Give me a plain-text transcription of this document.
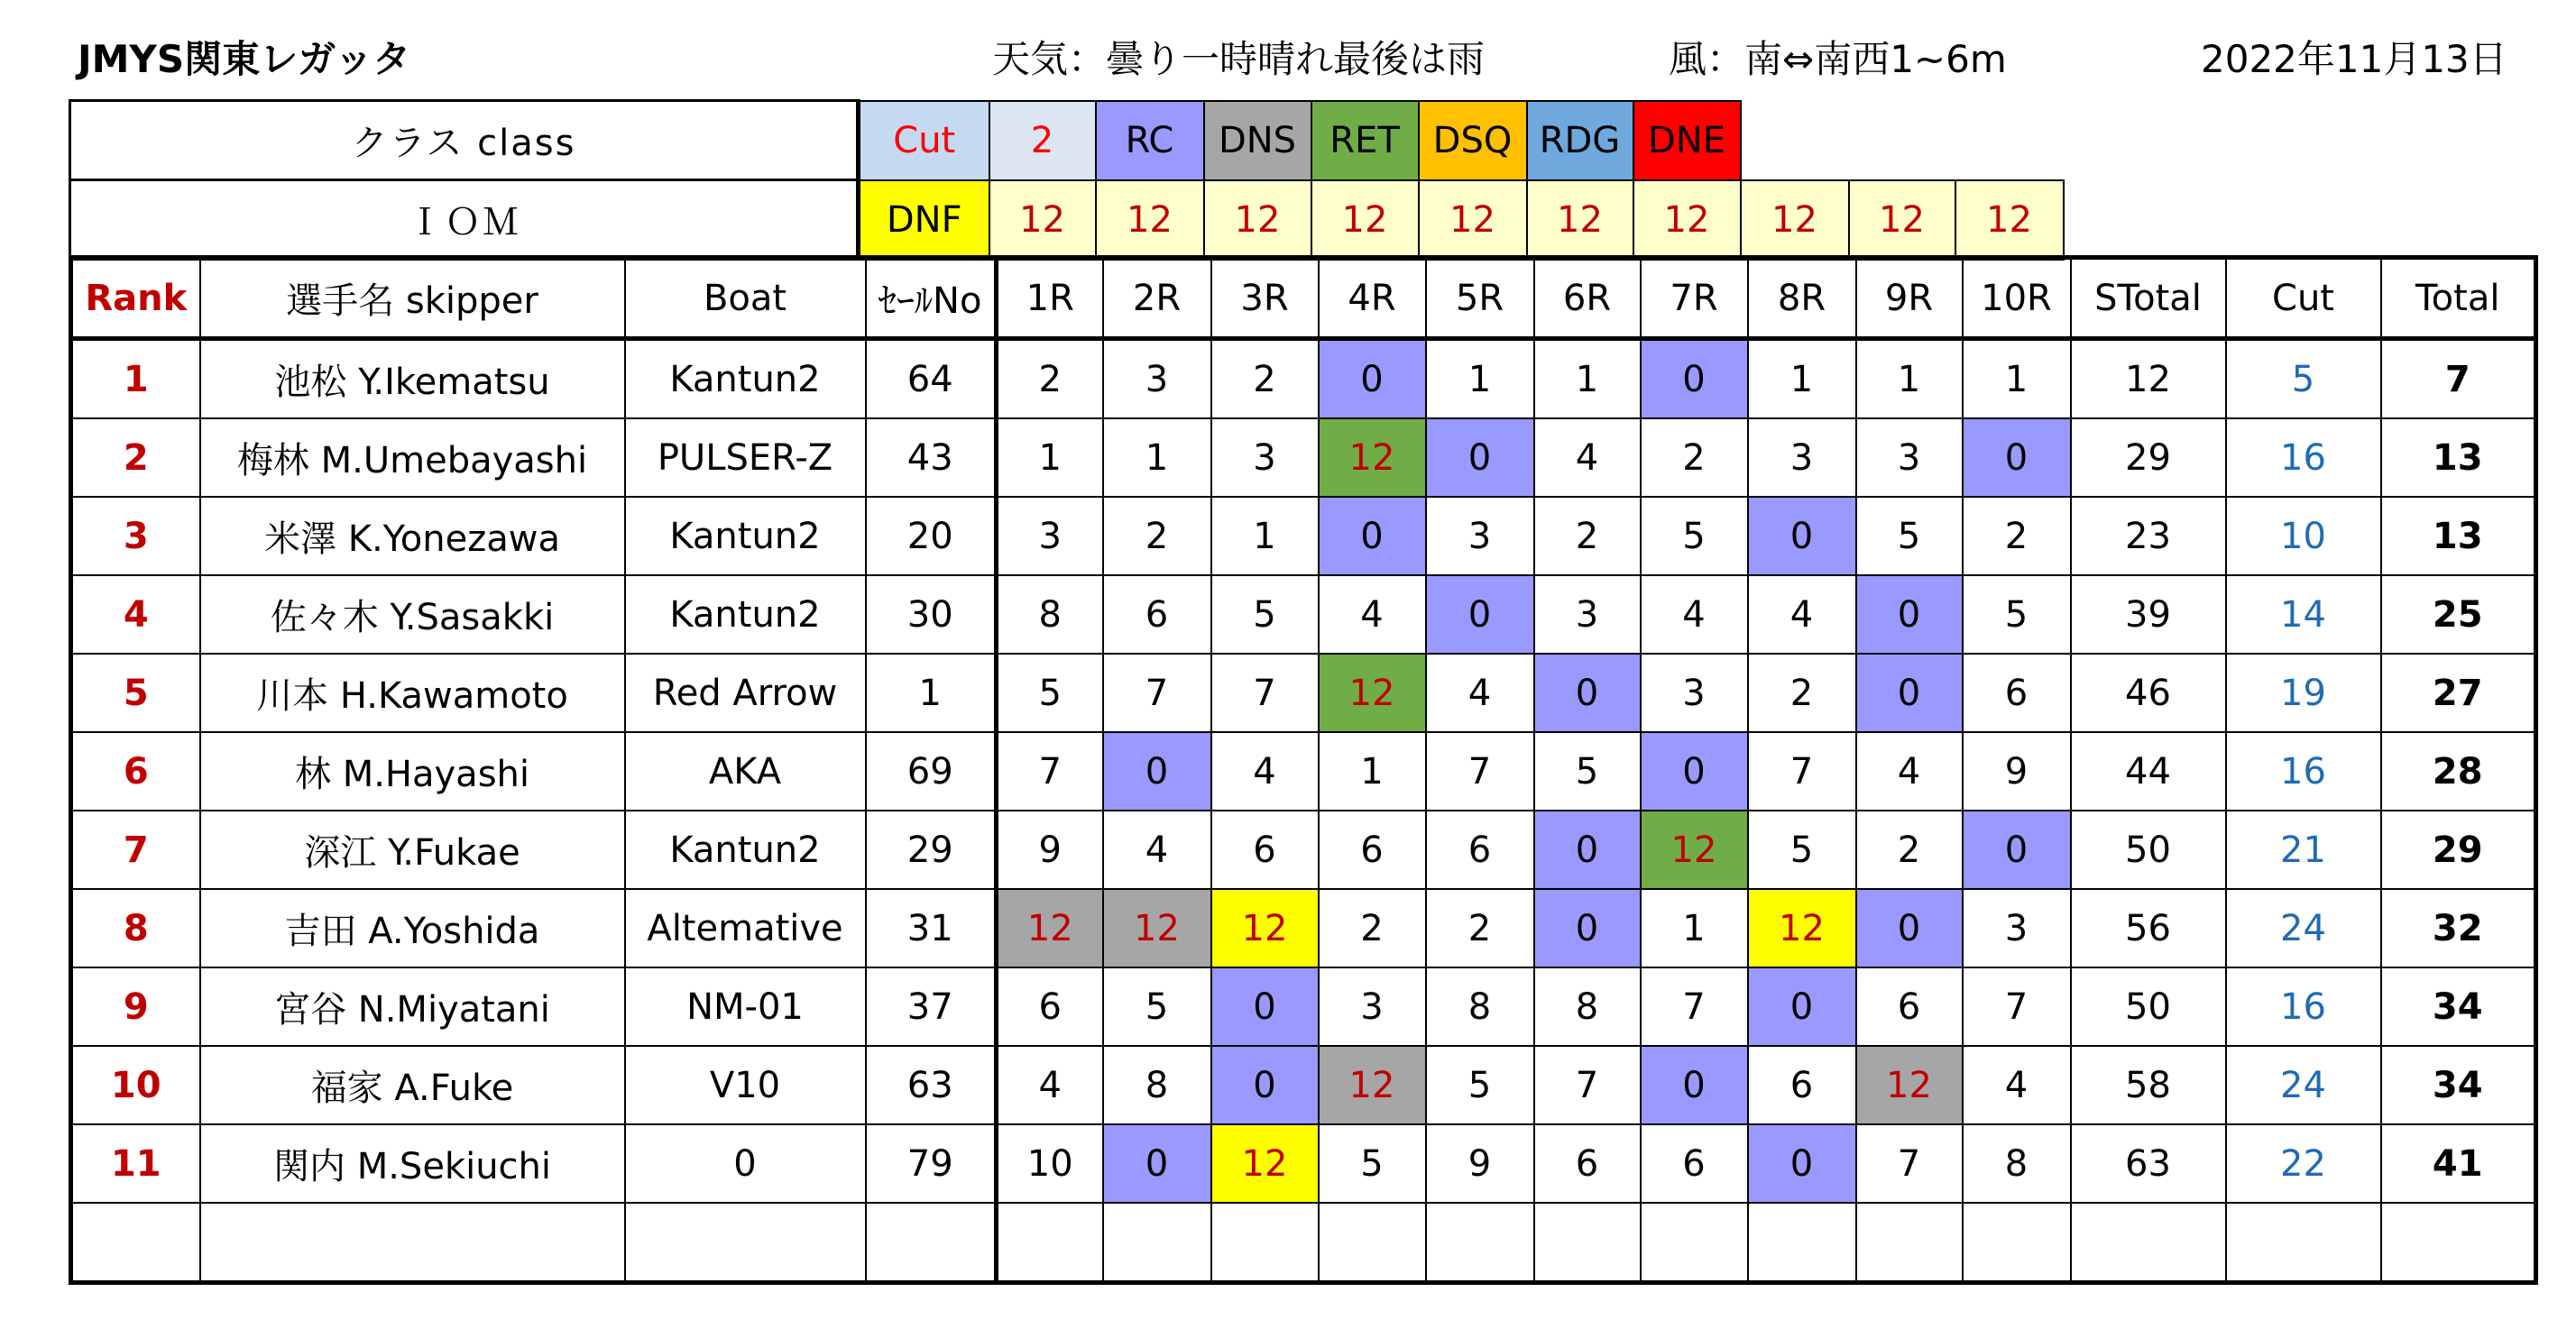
JMYS関東レガッタ	天気：曇り一時晴れ最後は雨	風：南⇔南西1~6m	2022年11月13日
クラス class	Cut	2	RC	DNS	RET	DSQ	RDG	DNE			
ＩＯＭ	DNF	12	12	12	12	12	12	12	12	12	12
Rank	選手名 skipper	Boat	ｾｰﾙNo	1R	2R	3R	4R	5R	6R	7R	8R	9R	10R	STotal	Cut	Total
1	池松 Y.Ikematsu	Kantun2	64	2	3	2	0	1	1	0	1	1	1	12	5	7
2	梅林 M.Umebayashi	PULSER-Z	43	1	1	3	12	0	4	2	3	3	0	29	16	13
3	米澤 K.Yonezawa	Kantun2	20	3	2	1	0	3	2	5	0	5	2	23	10	13
4	佐々木 Y.Sasakki	Kantun2	30	8	6	5	4	0	3	4	4	0	5	39	14	25
5	川本 H.Kawamoto	Red Arrow	1	5	7	7	12	4	0	3	2	0	6	46	19	27
6	林 M.Hayashi	AKA	69	7	0	4	1	7	5	0	7	4	9	44	16	28
7	深江 Y.Fukae	Kantun2	29	9	4	6	6	6	0	12	5	2	0	50	21	29
8	吉田 A.Yoshida	Altemative	31	12	12	12	2	2	0	1	12	0	3	56	24	32
9	宮谷 N.Miyatani	NM-01	37	6	5	0	3	8	8	7	0	6	7	50	16	34
10	福家 A.Fuke	V10	63	4	8	0	12	5	7	0	6	12	4	58	24	34
11	関内 M.Sekiuchi	0	79	10	0	12	5	9	6	6	0	7	8	63	22	41
